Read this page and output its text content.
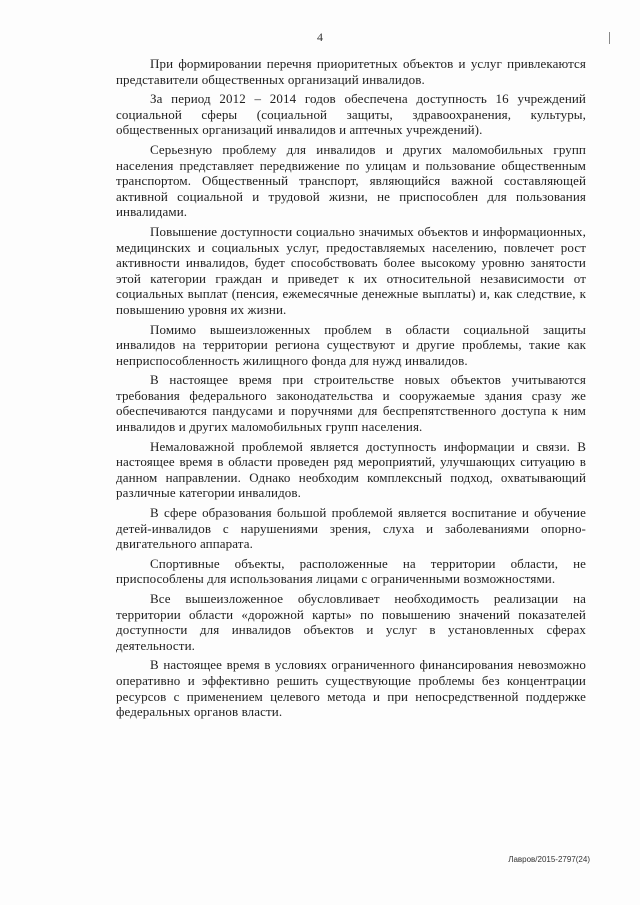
4

При формировании перечня приоритетных объектов и услуг привлекаются представители общественных организаций инвалидов.

За период 2012 – 2014 годов обеспечена доступность 16 учреждений социальной сферы (социальной защиты, здравоохранения, культуры, общественных организаций инвалидов и аптечных учреждений).

Серьезную проблему для инвалидов и других маломобильных групп населения представляет передвижение по улицам и пользование общественным транспортом. Общественный транспорт, являющийся важной составляющей активной социальной и трудовой жизни, не приспособлен для пользования инвалидами.

Повышение доступности социально значимых объектов и информационных, медицинских и социальных услуг, предоставляемых населению, повлечет рост активности инвалидов, будет способствовать более высокому уровню занятости этой категории граждан и приведет к их относительной независимости от социальных выплат (пенсия, ежемесячные денежные выплаты) и, как следствие, к повышению уровня их жизни.

Помимо вышеизложенных проблем в области социальной защиты инвалидов на территории региона существуют и другие проблемы, такие как неприспособленность жилищного фонда для нужд инвалидов.

В настоящее время при строительстве новых объектов учитываются требования федерального законодательства и сооружаемые здания сразу же обеспечиваются пандусами и поручнями для беспрепятственного доступа к ним инвалидов и других маломобильных групп населения.

Немаловажной проблемой является доступность информации и связи. В настоящее время в области проведен ряд мероприятий, улучшающих ситуацию в данном направлении. Однако необходим комплексный подход, охватывающий различные категории инвалидов.

В сфере образования большой проблемой является воспитание и обучение детей-инвалидов с нарушениями зрения, слуха и заболеваниями опорно-двигательного аппарата.

Спортивные объекты, расположенные на территории области, не приспособлены для использования лицами с ограниченными возможностями.

Все вышеизложенное обусловливает необходимость реализации на территории области «дорожной карты» по повышению значений показателей доступности для инвалидов объектов и услуг в установленных сферах деятельности.

В настоящее время в условиях ограниченного финансирования невозможно оперативно и эффективно решить существующие проблемы без концентрации ресурсов с применением целевого метода и при непосредственной поддержке федеральных органов власти.

Лавров/2015-2797(24)
